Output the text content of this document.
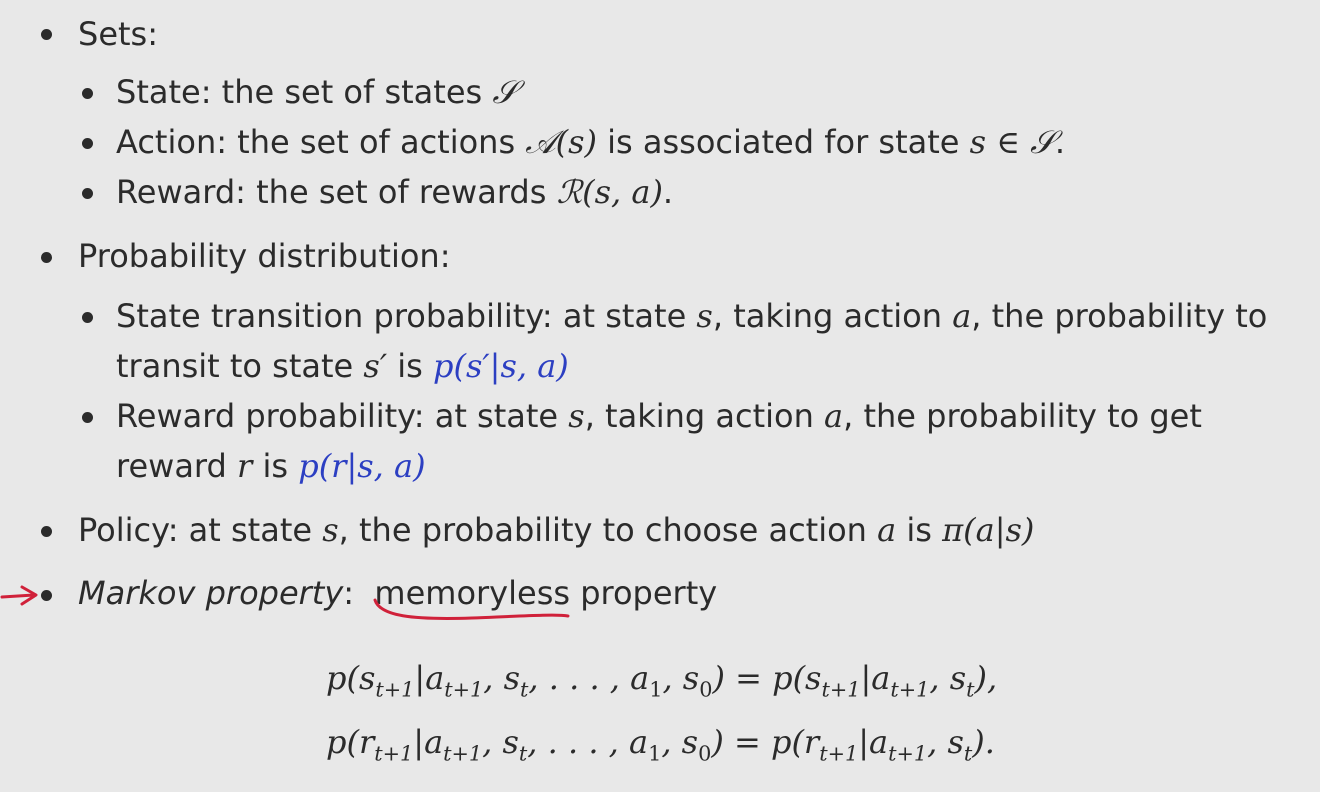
Sets:
State: the set of states 𝒮
Action: the set of actions 𝒜(s) is associated for state s ∈ 𝒮.
Reward: the set of rewards ℛ(s, a).
Probability distribution:
State transition probability: at state s, taking action a, the probability to
transit to state s′ is p(s′|s, a)
Reward probability: at state s, taking action a, the probability to get
reward r is p(r|s, a)
Policy: at state s, the probability to choose action a is π(a|s)
Markov property: memoryless property
$p(s_{t+1}|a_{t+1}$, $s_t$, . . . , $a_1$, $s_0) = p(s_{t+1}|a_{t+1}$, $s_t$),
$p(r_{t+1}|a_{t+1}$, $s_t$, . . . , $a_1$, $s_0) = p(r_{t+1}|a_{t+1}$, $s_t$).
